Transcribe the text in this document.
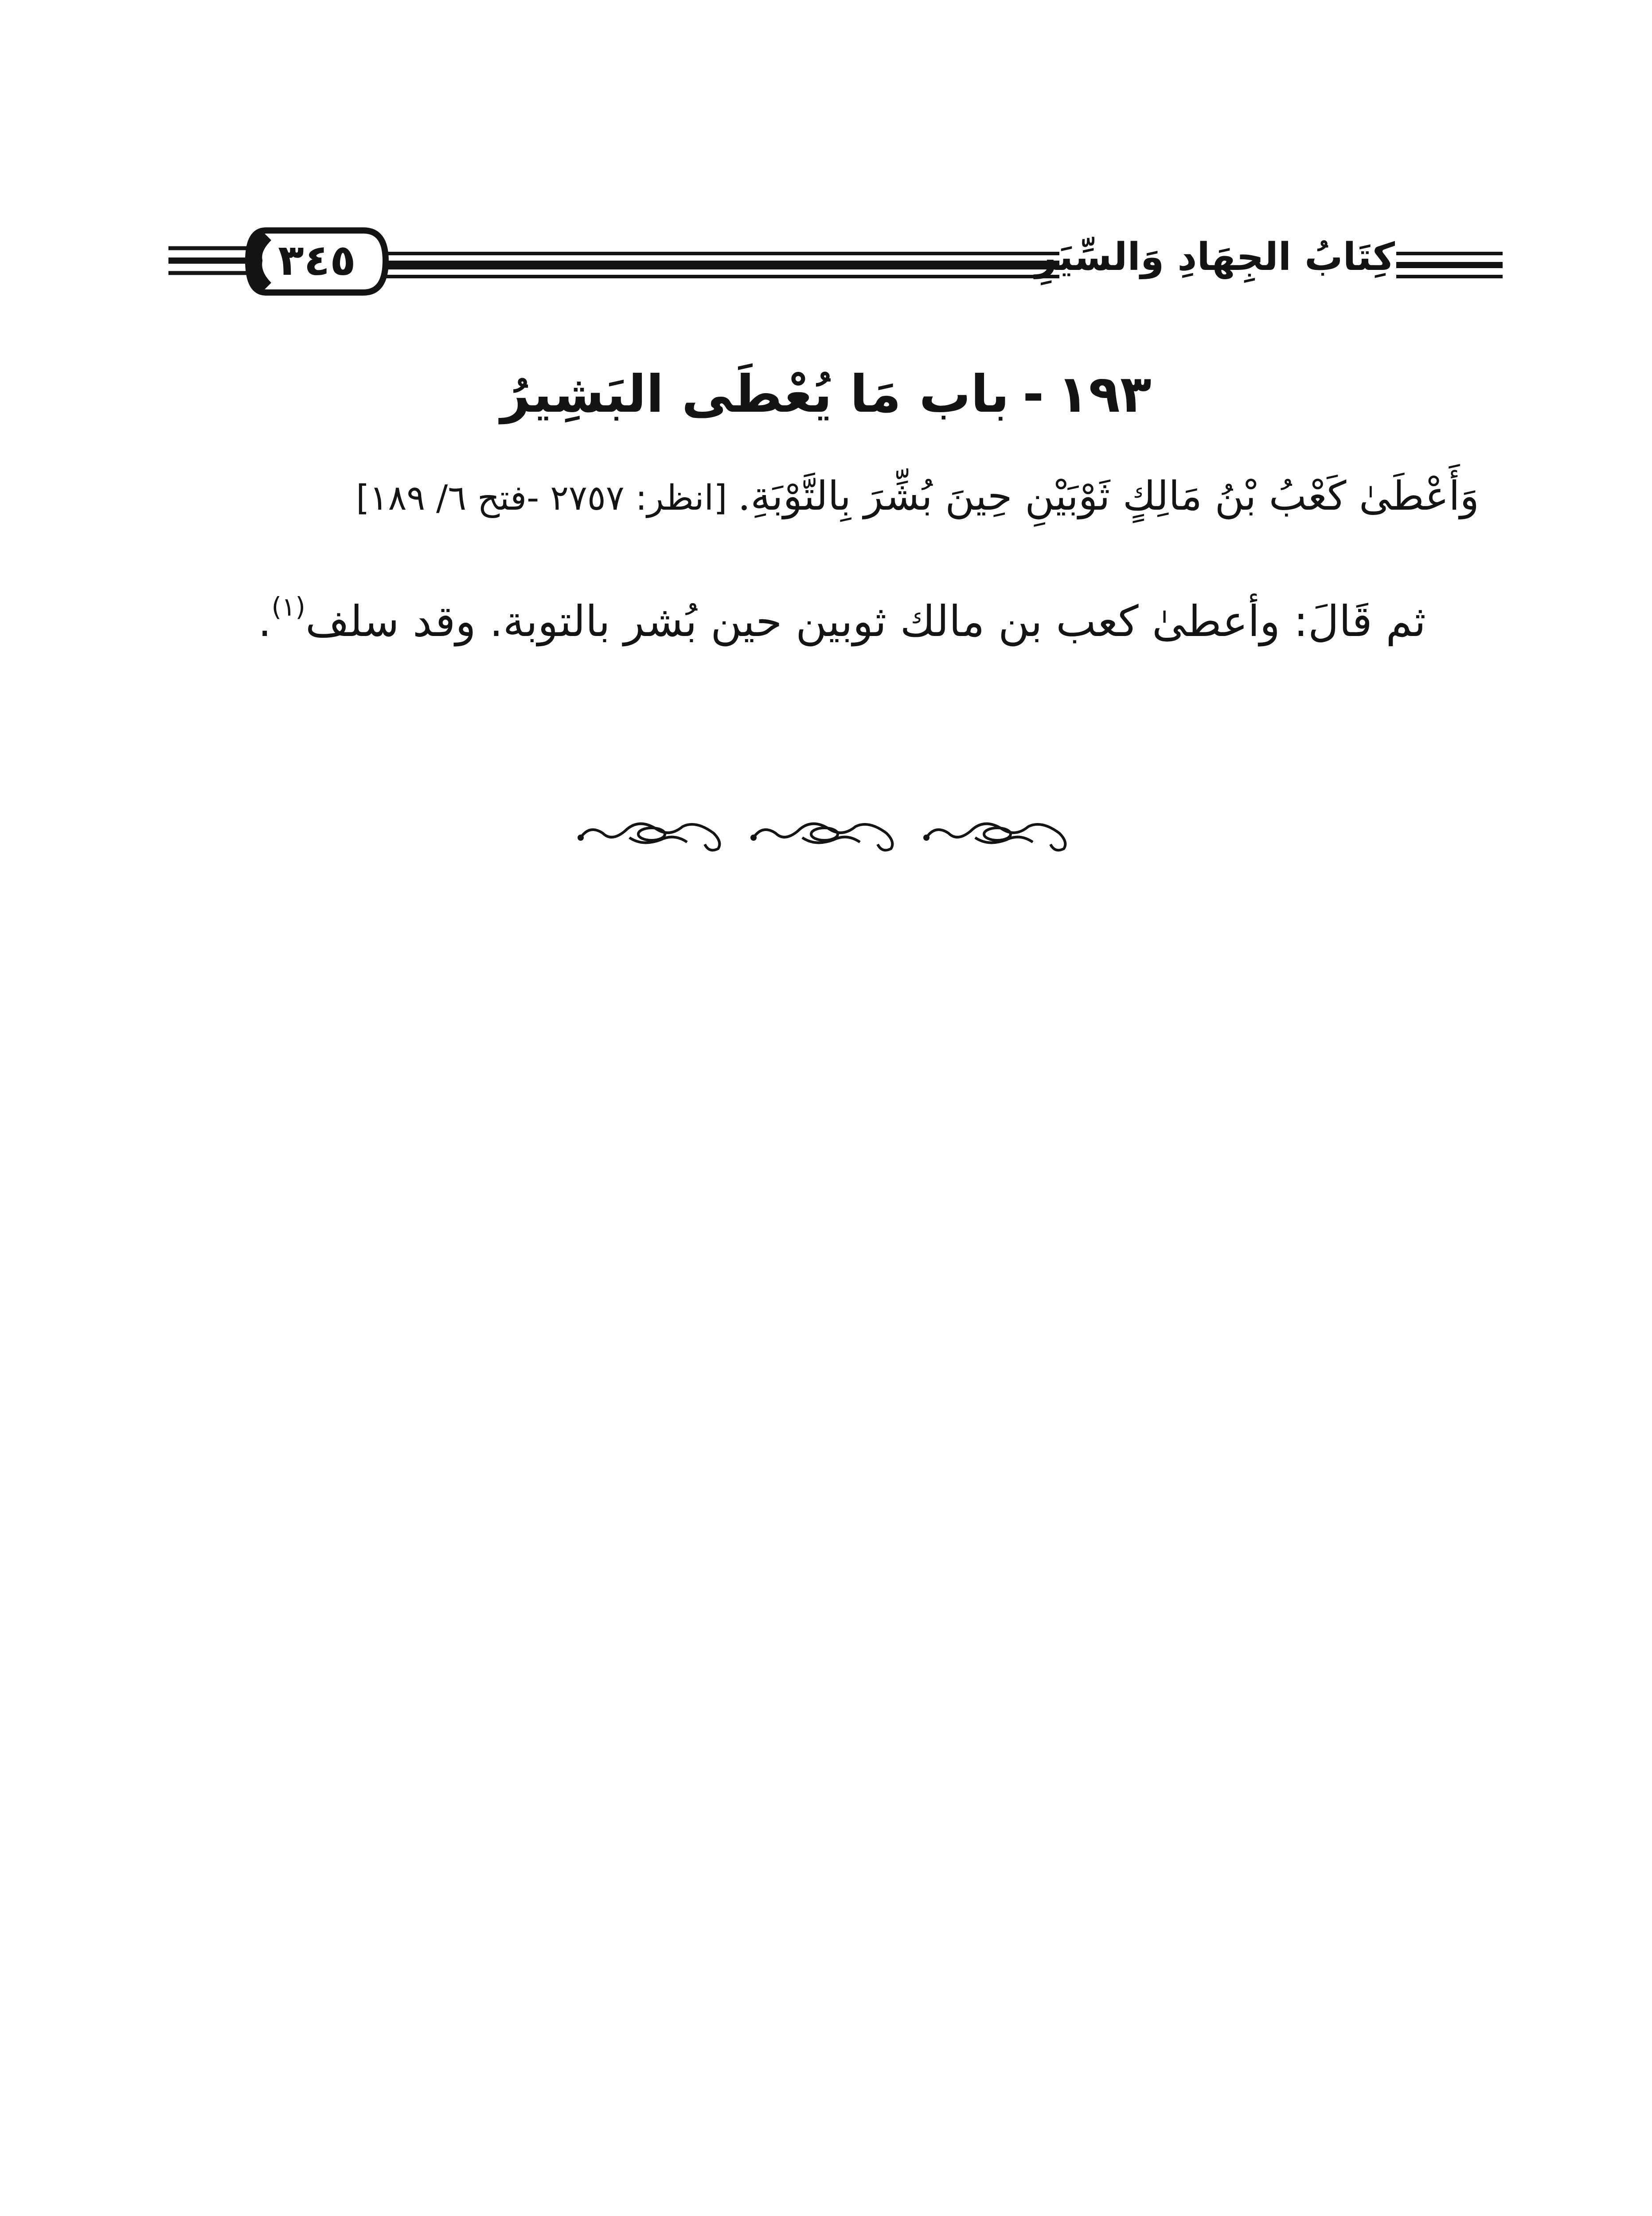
٣٤٥	كِتَابُ الجِهَادِ وَالسِّيَرِ
١٩٣-باب مَا يُعْطَى البَشِيرُ
وَأَعْطَىٰ كَعْبُ بْنُ مَالِكٍ ثَوْبَيْنِ حِينَ بُشِّرَ بِالتَّوْبَةِ.[انظر: ٢٧٥٧ -فتح ٦/ ١٨٩]
ثم قَالَ: وأعطىٰ كعب بن مالك ثوبين حين بُشر بالتوبة. وقد سلف$^{(١)}$.
